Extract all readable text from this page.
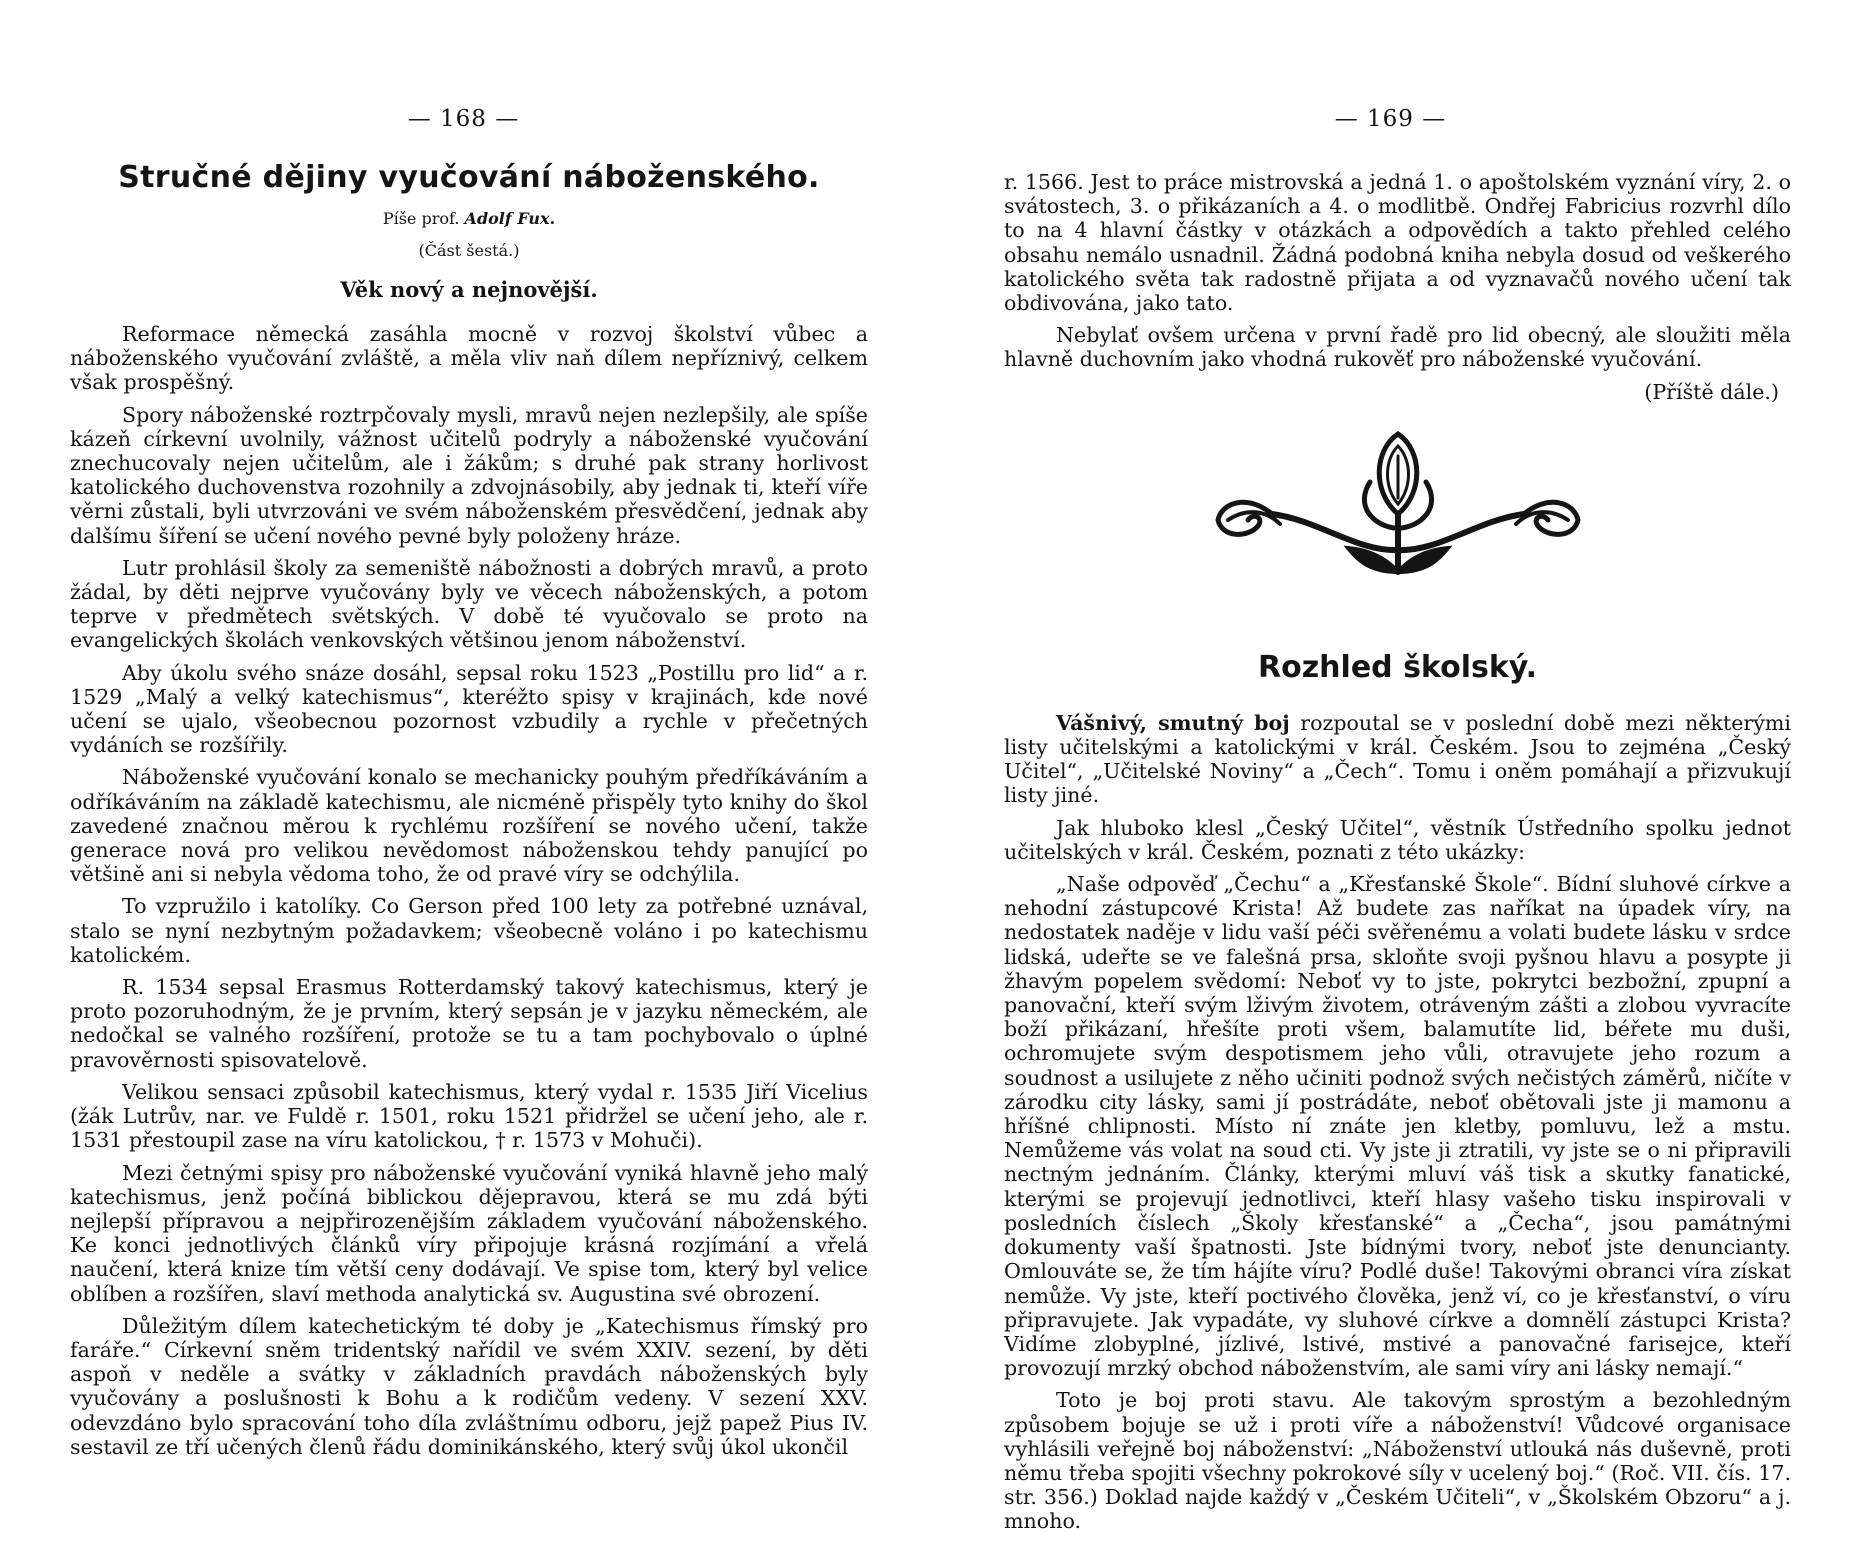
— 168 —
Stručné dějiny vyučování náboženského.
Píše prof. Adolf Fux.
(Část šestá.)
Věk nový a nejnovější.

Reformace německá zasáhla mocně v rozvoj školství vůbec a náboženského vyučování zvláště, a měla vliv naň dílem nepříznivý, celkem však prospěšný.

Spory náboženské roztrpčovaly mysli, mravů nejen nezlepšily, ale spíše kázeň církevní uvolnily, vážnost učitelů podryly a náboženské vyučování znechucovaly nejen učitelům, ale i žákům; s druhé pak strany horlivost katolického duchovenstva rozohnily a zdvojnásobily, aby jednak ti, kteří víře věrni zůstali, byli utvrzováni ve svém náboženském přesvědčení, jednak aby dalšímu šíření se učení nového pevné byly položeny hráze.

Lutr prohlásil školy za semeniště nábožnosti a dobrých mravů, a proto žádal, by děti nejprve vyučovány byly ve věcech náboženských, a potom teprve v předmětech světských. V době té vyučovalo se proto na evangelických školách venkovských většinou jenom náboženství.

Aby úkolu svého snáze dosáhl, sepsal roku 1523 „Postillu pro lid“ a r. 1529 „Malý a velký katechismus“, kteréžto spisy v krajinách, kde nové učení se ujalo, všeobecnou pozornost vzbudily a rychle v přečetných vydáních se rozšířily.

Náboženské vyučování konalo se mechanicky pouhým předříkáváním a odříkáváním na základě katechismu, ale nicméně přispěly tyto knihy do škol zavedené značnou měrou k rychlému rozšíření se nového učení, takže generace nová pro velikou nevědomost náboženskou tehdy panující po většině ani si nebyla vědoma toho, že od pravé víry se odchýlila.

To vzpružilo i katolíky. Co Gerson před 100 lety za potřebné uznával, stalo se nyní nezbytným požadavkem; všeobecně voláno i po katechismu katolickém.

R. 1534 sepsal Erasmus Rotterdamský takový katechismus, který je proto pozoruhodným, že je prvním, který sepsán je v jazyku německém, ale nedočkal se valného rozšíření, protože se tu a tam pochybovalo o úplné pravověrnosti spisovatelově.

Velikou sensaci způsobil katechismus, který vydal r. 1535 Jiří Vicelius (žák Lutrův, nar. ve Fuldě r. 1501, roku 1521 přidržel se učení jeho, ale r. 1531 přestoupil zase na víru katolickou, † r. 1573 v Mohuči).

Mezi četnými spisy pro náboženské vyučování vyniká hlavně jeho malý katechismus, jenž počíná biblickou dějepravou, která se mu zdá býti nejlepší přípravou a nejpřirozenějším základem vyučování náboženského. Ke konci jednotlivých článků víry připojuje krásná rozjímání a vřelá naučení, která knize tím větší ceny dodávají. Ve spise tom, který byl velice oblíben a rozšířen, slaví methoda analytická sv. Augustina své obrození.

Důležitým dílem katechetickým té doby je „Katechismus římský pro faráře.“ Církevní sněm tridentský nařídil ve svém XXIV. sezení, by děti aspoň v neděle a svátky v základních pravdách náboženských byly vyučovány a poslušnosti k Bohu a k rodičům vedeny. V sezení XXV. odevzdáno bylo spracování toho díla zvláštnímu odboru, jejž papež Pius IV. sestavil ze tří učených členů řádu dominikánského, který svůj úkol ukončil

— 169 —

r. 1566. Jest to práce mistrovská a jedná 1. o apoštolském vyznání víry, 2. o svátostech, 3. o přikázaních a 4. o modlitbě. Ondřej Fabricius rozvrhl dílo to na 4 hlavní částky v otázkách a odpovědích a takto přehled celého obsahu nemálo usnadnil. Žádná podobná kniha nebyla dosud od veškerého katolického světa tak radostně přijata a od vyznavačů nového učení tak obdivována, jako tato.

Nebylať ovšem určena v první řadě pro lid obecný, ale sloužiti měla hlavně duchovním jako vhodná rukověť pro náboženské vyučování.

(Příště dále.)
Rozhled školský.

Vášnivý, smutný boj rozpoutal se v poslední době mezi některými listy učitelskými a katolickými v král. Českém. Jsou to zejména „Český Učitel“, „Učitelské Noviny“ a „Čech“. Tomu i oněm pomáhají a přizvukují listy jiné.

Jak hluboko klesl „Český Učitel“, věstník Ústředního spolku jednot učitelských v král. Českém, poznati z této ukázky:

„Naše odpověď „Čechu“ a „Křesťanské Škole“. Bídní sluhové církve a nehodní zástupcové Krista! Až budete zas naříkat na úpadek víry, na nedostatek naděje v lidu vaší péči svěřenému a volati budete lásku v srdce lidská, udeřte se ve falešná prsa, skloňte svoji pyšnou hlavu a posypte ji žhavým popelem svědomí: Neboť vy to jste, pokrytci bezbožní, zpupní a panovační, kteří svým lživým životem, otráveným zášti a zlobou vyvracíte boží přikázaní, hřešíte proti všem, balamutíte lid, béřete mu duši, ochromujete svým despotismem jeho vůli, otravujete jeho rozum a soudnost a usilujete z něho učiniti podnož svých nečistých záměrů, ničíte v zárodku city lásky, sami jí postrádáte, neboť obětovali jste ji mamonu a hříšné chlipnosti. Místo ní znáte jen kletby, pomluvu, lež a mstu. Nemůžeme vás volat na soud cti. Vy jste ji ztratili, vy jste se o ni připravili nectným jednáním. Články, kterými mluví váš tisk a skutky fanatické, kterými se projevují jednotlivci, kteří hlasy vašeho tisku inspirovali v posledních číslech „Školy křesťanské“ a „Čecha“, jsou památnými dokumenty vaší špatnosti. Jste bídnými tvory, neboť jste denuncianty. Omlouváte se, že tím hájíte víru? Podlé duše! Takovými obranci víra získat nemůže. Vy jste, kteří poctivého člověka, jenž ví, co je křesťanství, o víru připravujete. Jak vypadáte, vy sluhové církve a domnělí zástupci Krista? Vidíme zlobyplné, jízlivé, lstivé, mstivé a panovačné farisejce, kteří provozují mrzký obchod náboženstvím, ale sami víry ani lásky nemají.“

Toto je boj proti stavu. Ale takovým sprostým a bezohledným způsobem bojuje se už i proti víře a náboženství! Vůdcové organisace vyhlásili veřejně boj náboženství: „Náboženství utlouká nás duševně, proti němu třeba spojiti všechny pokrokové síly v ucelený boj.“ (Roč. VII. čís. 17. str. 356.) Doklad najde každý v „Českém Učiteli“, v „Školském Obzoru“ a j. mnoho.
